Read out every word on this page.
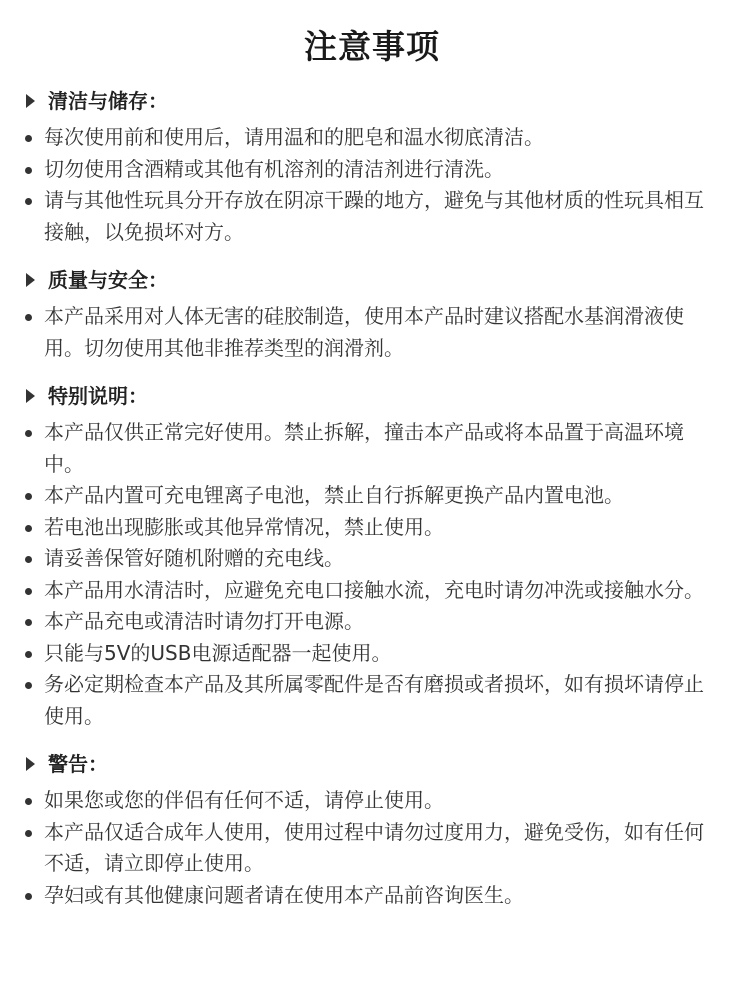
注意事项
清洁与储存：
每次使用前和使用后，请用温和的肥皂和温水彻底清洁。
切勿使用含酒精或其他有机溶剂的清洁剂进行清洗。
请与其他性玩具分开存放在阴凉干躁的地方，避免与其他材质的性玩具相互接触，以免损坏对方。
质量与安全：
本产品采用对人体无害的硅胶制造，使用本产品时建议搭配水基润滑液使用。切勿使用其他非推荐类型的润滑剂。
特别说明：
本产品仅供正常完好使用。禁止拆解，撞击本产品或将本品置于高温环境中。
本产品内置可充电锂离子电池，禁止自行拆解更换产品内置电池。
若电池出现膨胀或其他异常情况，禁止使用。
请妥善保管好随机附赠的充电线。
本产品用水清洁时，应避免充电口接触水流，充电时请勿冲洗或接触水分。
本产品充电或清洁时请勿打开电源。
只能与5V的USB电源适配器一起使用。
务必定期检查本产品及其所属零配件是否有磨损或者损坏，如有损坏请停止使用。
警告：
如果您或您的伴侣有任何不适，请停止使用。
本产品仅适合成年人使用，使用过程中请勿过度用力，避免受伤，如有任何不适，请立即停止使用。
孕妇或有其他健康问题者请在使用本产品前咨询医生。
